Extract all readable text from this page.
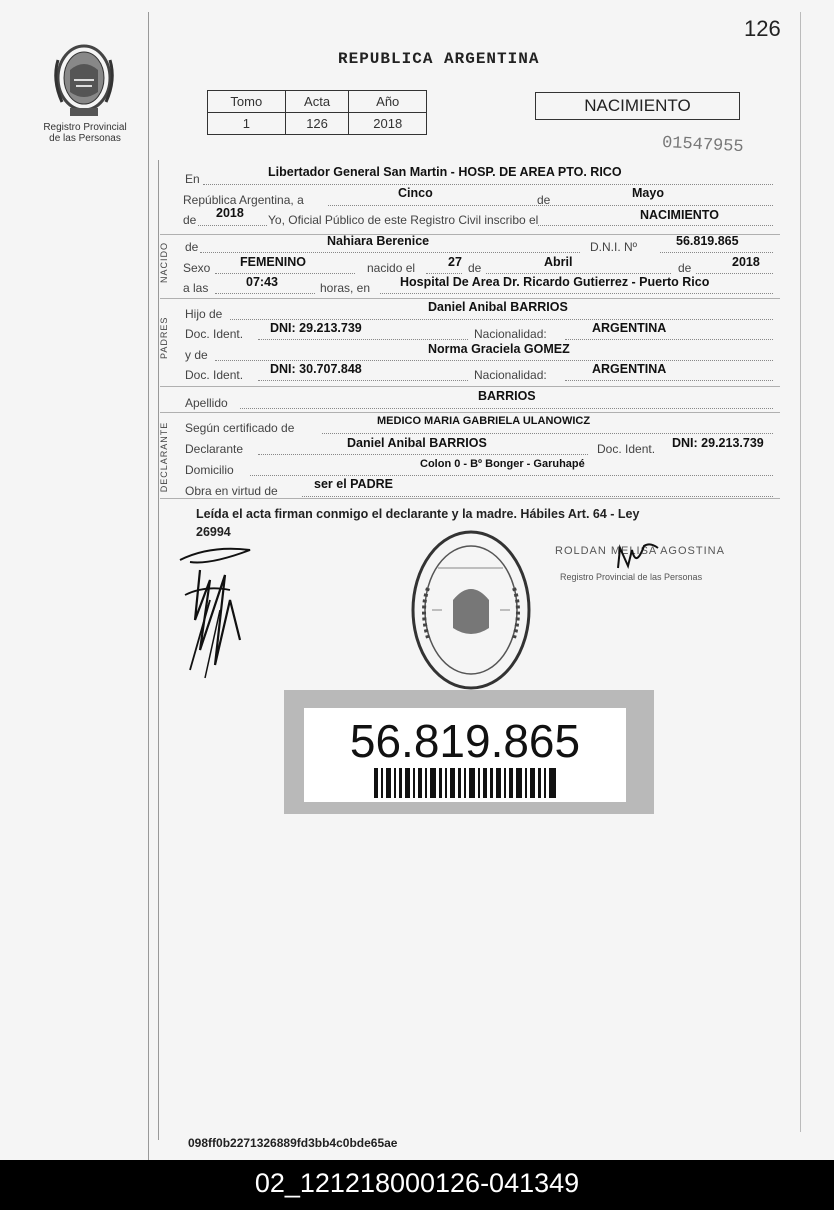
126
Registro Provincial
de las Personas
REPUBLICA ARGENTINA
Tomo	Acta	Año
1	126	2018
NACIMIENTO
01547955
NACIDO
PADRES
DECLARANTE
En	Libertador General San Martin - HOSP. DE AREA PTO. RICO
República Argentina, a	Cinco	de	Mayo
de 2018 Yo, Oficial Público de este Registro Civil inscribo el	NACIMIENTO
de	Nahiara Berenice	D.N.I. Nº	56.819.865
Sexo FEMENINO	nacido el	27 de	Abril	de	2018
a las	07:43	horas, en Hospital De Area Dr. Ricardo Gutierrez - Puerto Rico
Hijo de	Daniel Anibal BARRIOS
Doc. Ident. DNI: 29.213.739	Nacionalidad:	ARGENTINA
y de	Norma Graciela GOMEZ
Doc. Ident. DNI: 30.707.848	Nacionalidad:	ARGENTINA
Apellido	BARRIOS
Según certificado de	MEDICO MARIA GABRIELA ULANOWICZ
Declarante	Daniel Anibal BARRIOS	Doc. Ident. DNI: 29.213.739
Domicilio	Colon 0 - Bº Bonger - Garuhapé
Obra en virtud de	ser el PADRE
Leída el acta firman conmigo el declarante y la madre. Hábiles Art. 64 - Ley
26994
ROLDAN MELISA AGOSTINA
Registro Provincial de las Personas
56.819.865
098ff0b2271326889fd3bb4c0bde65ae
02_121218000126-041349
